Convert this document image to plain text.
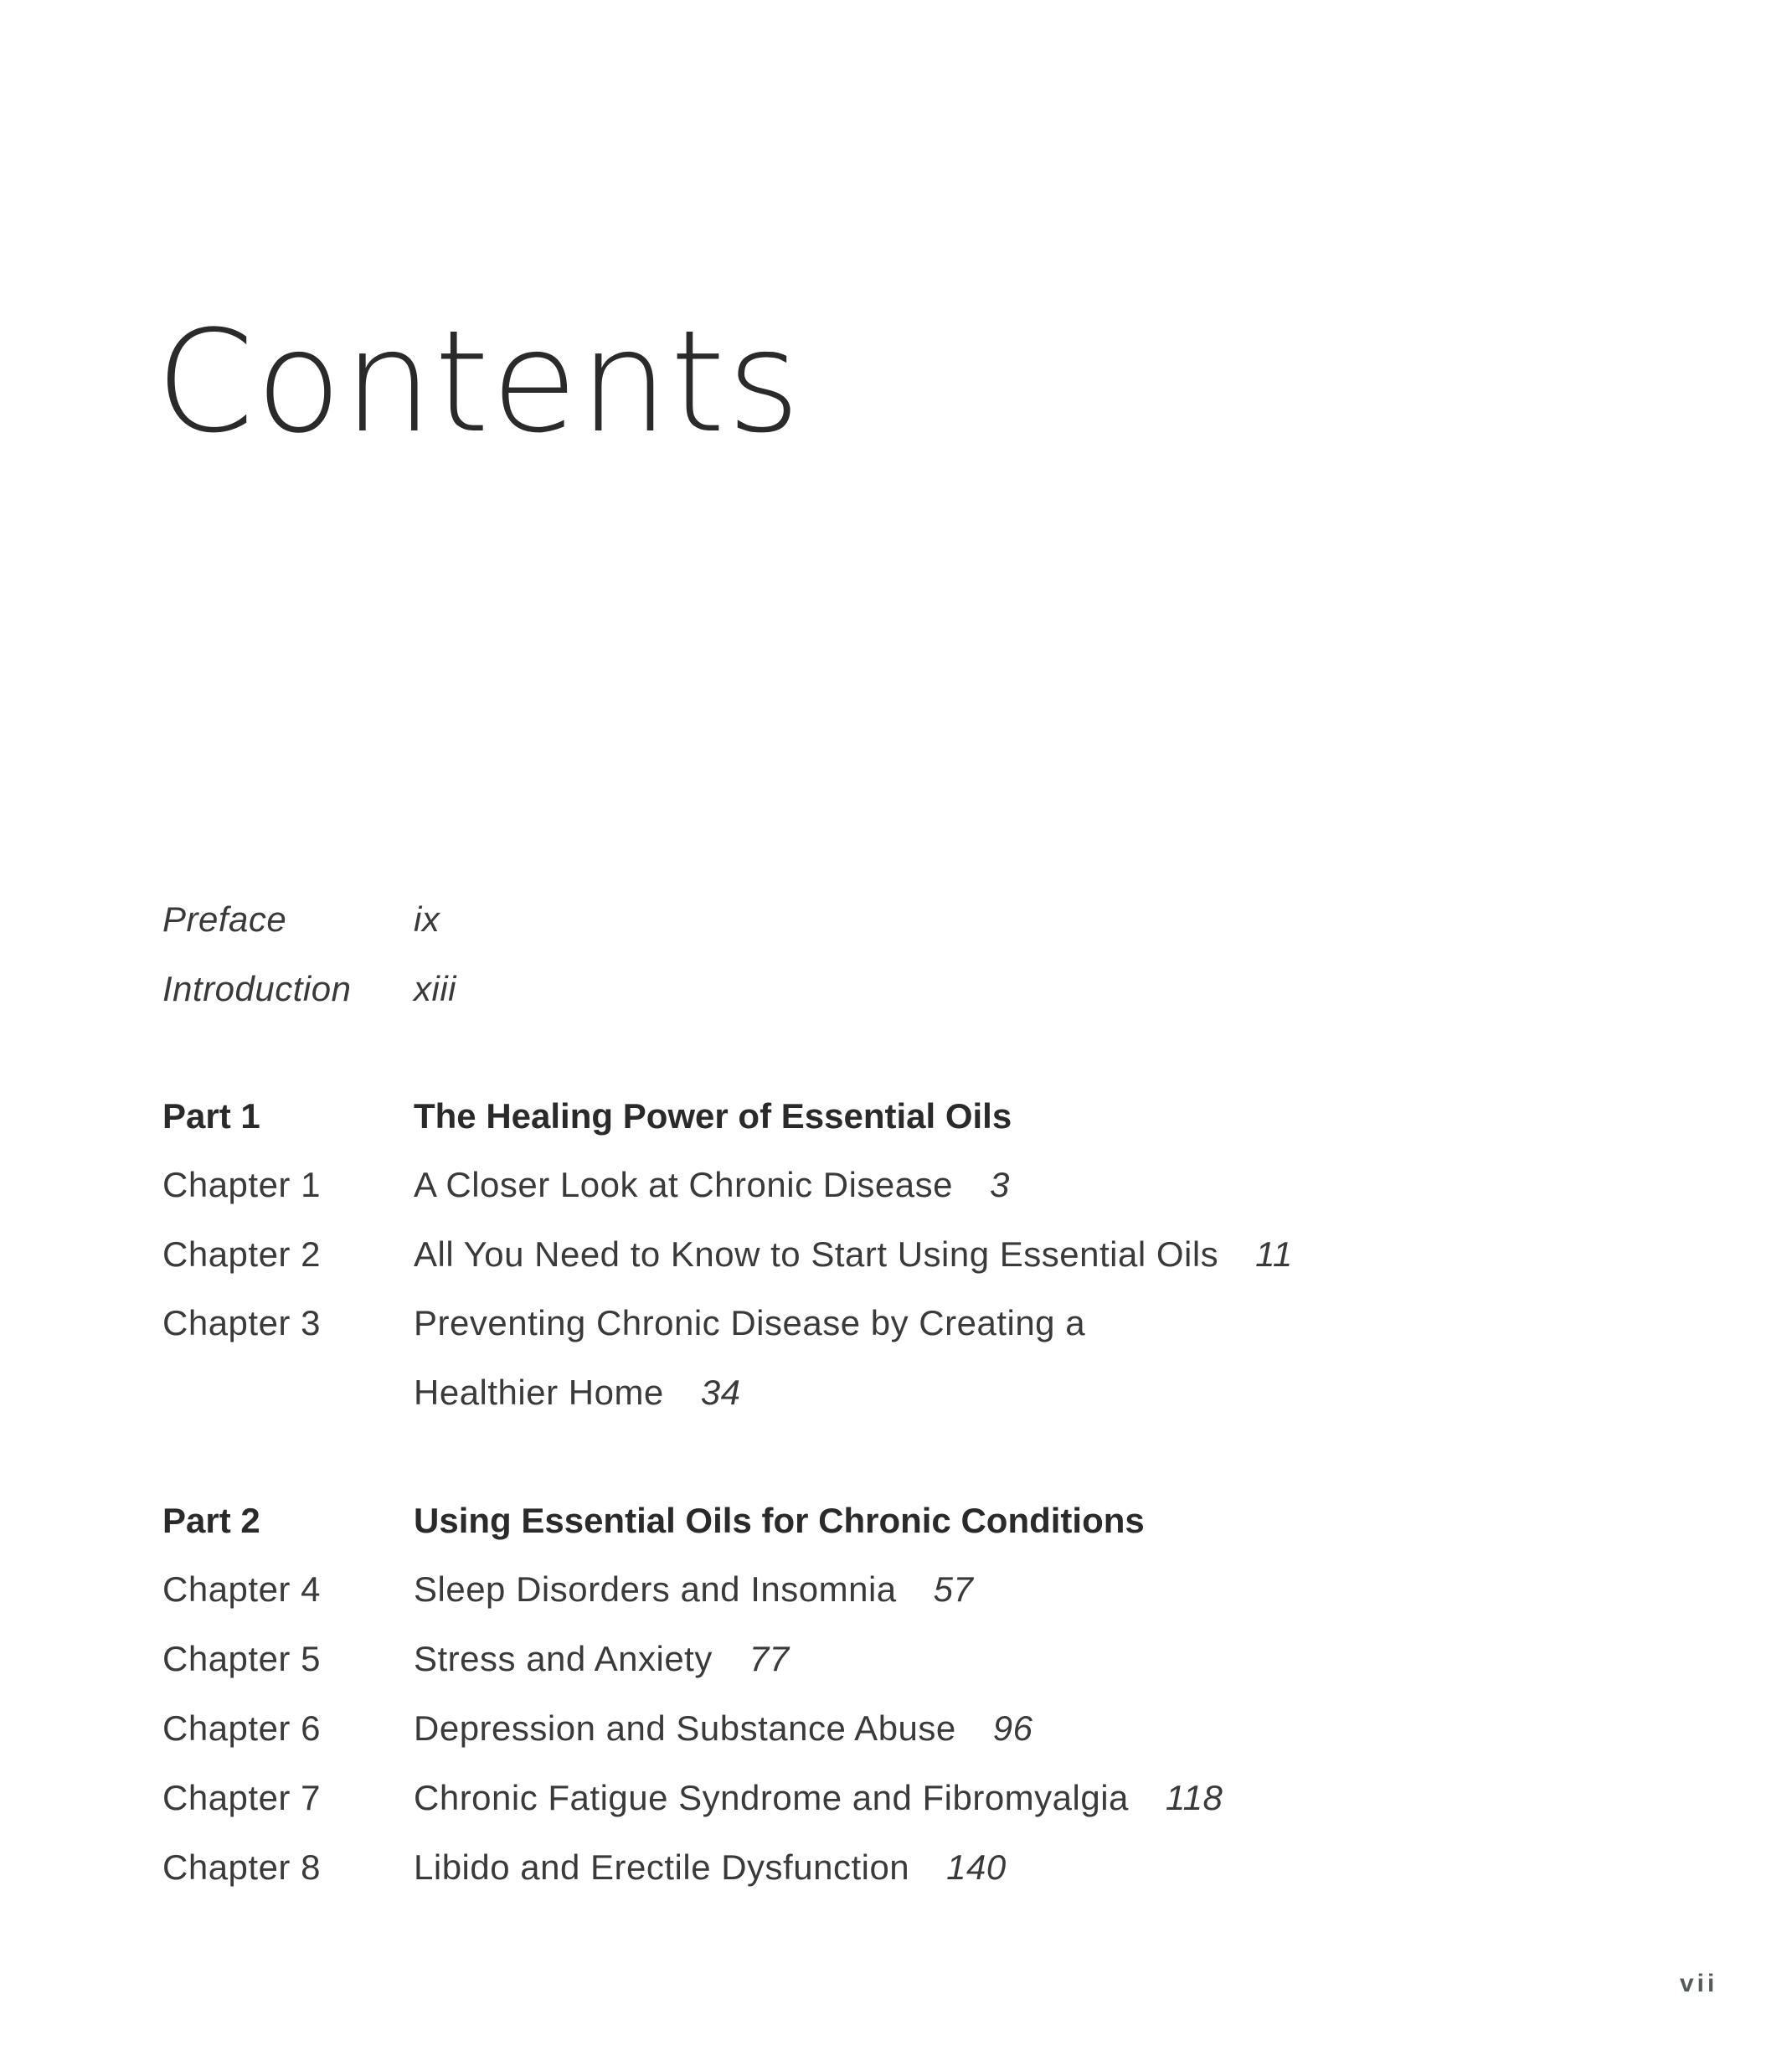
Contents
Preface	ix
Introduction xiii
Part 1	The Healing Power of Essential Oils
Chapter 1	A Closer Look at Chronic Disease 3
Chapter 2	All You Need to Know to Start Using Essential Oils 11
Chapter 3	Preventing Chronic Disease by Creating a
Healthier Home 34
Part 2	Using Essential Oils for Chronic Conditions
Chapter 4	Sleep Disorders and Insomnia 57
Chapter 5	Stress and Anxiety 77
Chapter 6	Depression and Substance Abuse 96
Chapter 7	Chronic Fatigue Syndrome and Fibromyalgia 118
Chapter 8	Libido and Erectile Dysfunction 140
vii
